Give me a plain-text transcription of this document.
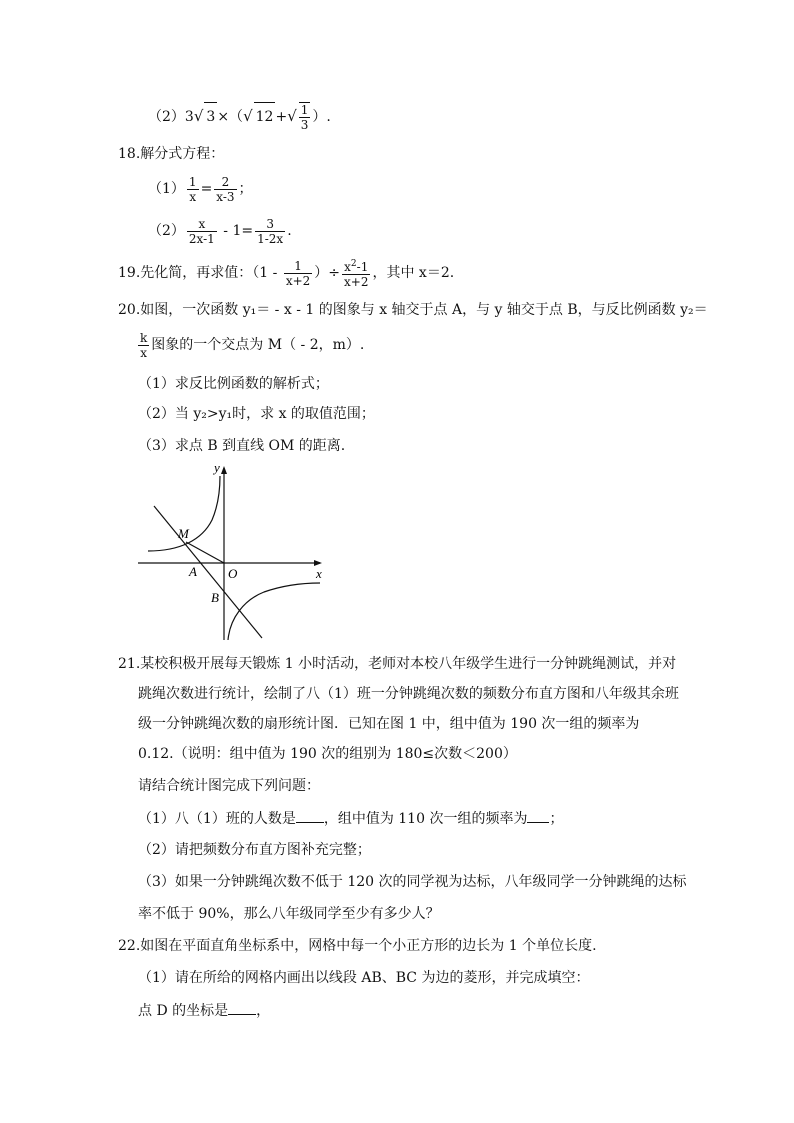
（2）3√ 3 ×（√ 12 +√ $\frac{1}{3}$ ）.
18.解分式方程：
$(1) \frac{1}{x} = \frac{2}{x-3}$ ；
$(2) \frac{x}{2x-1} - 1= \frac{3}{1-2x}$ .
19.先化简，再求值：（$1 - \frac{1}{x+2}$ ）÷ $\frac{x^2-1}{x+2}$ ，其中 x＝2.
20.如图，一次函数 y₁＝ - x - 1 的图象与 x 轴交于点 A，与 y 轴交于点 B，与反比例函数 y₂＝
$\frac{k}{x}$ 图象的一个交点为 M（ - 2，m）.
（1）求反比例函数的解析式；
（2）当 y₂>y₁时，求 x 的取值范围；
（3）求点 B 到直线 OM 的距离.
y
x
M
A O
B
21.某校积极开展每天锻炼 1 小时活动，老师对本校八年级学生进行一分钟跳绳测试，并对
跳绳次数进行统计，绘制了八（1）班一分钟跳绳次数的频数分布直方图和八年级其余班
级一分钟跳绳次数的扇形统计图．已知在图 1 中，组中值为 190 次一组的频率为
0.12.（说明：组中值为 190 次的组别为 180≤次数＜200）
请结合统计图完成下列问题：
（1）八（1）班的人数是 ，组中值为 110 次一组的频率为 ；
（2）请把频数分布直方图补充完整；
（3）如果一分钟跳绳次数不低于 120 次的同学视为达标，八年级同学一分钟跳绳的达标
率不低于 90%，那么八年级同学至少有多少人？
22.如图在平面直角坐标系中，网格中每一个小正方形的边长为 1 个单位长度.
（1）请在所给的网格内画出以线段 AB、BC 为边的菱形，并完成填空：
点 D 的坐标是 ，
